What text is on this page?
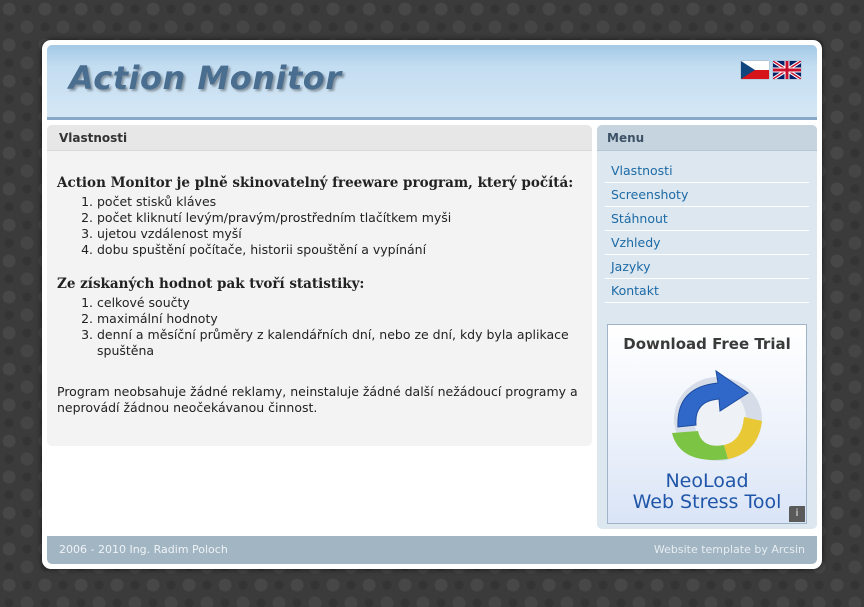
Action Monitor
Vlastnosti
Action Monitor je plně skinovatelný freeware program, který počítá:
1. počet stisků kláves
2. počet kliknutí levým/pravým/prostředním tlačítkem myši
3. ujetou vzdálenost myší
4. dobu spuštění počítače, historii spouštění a vypínání
Ze získaných hodnot pak tvoří statistiky:
1. celkové součty
2. maximální hodnoty
3. denní a měsíční průměry z kalendářních dní, nebo ze dní, kdy byla aplikace spuštěna

Program neobsahuje žádné reklamy, neinstaluje žádné další nežádoucí programy a neprovádí žádnou neočekávanou činnost.

Menu
Vlastnosti
Screenshoty
Stáhnout
Vzhledy
Jazyky
Kontakt
Download Free Trial
NeoLoad
Web Stress Tool
i
2006 - 2010 Ing. Radim Poloch	Website template by Arcsin
